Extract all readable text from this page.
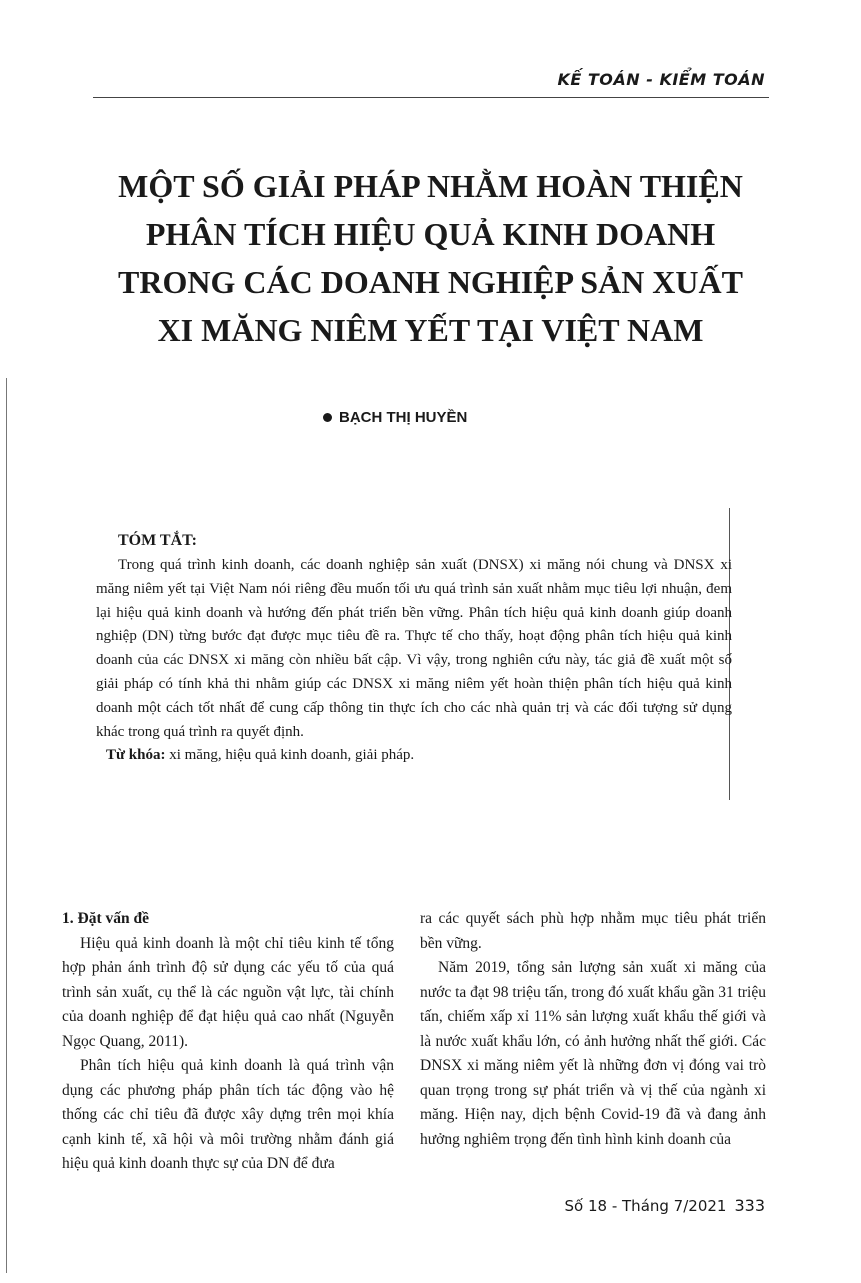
KẾ TOÁN - KIỂM TOÁN
MỘT SỐ GIẢI PHÁP NHẰM HOÀN THIỆN
PHÂN TÍCH HIỆU QUẢ KINH DOANH
TRONG CÁC DOANH NGHIỆP SẢN XUẤT
XI MĂNG NIÊM YẾT TẠI VIỆT NAM
BẠCH THỊ HUYỀN
TÓM TẮT:

Trong quá trình kinh doanh, các doanh nghiệp sản xuất (DNSX) xi măng nói chung và DNSX xi măng niêm yết tại Việt Nam nói riêng đều muốn tối ưu quá trình sản xuất nhằm mục tiêu lợi nhuận, đem lại hiệu quả kinh doanh và hướng đến phát triển bền vững. Phân tích hiệu quả kinh doanh giúp doanh nghiệp (DN) từng bước đạt được mục tiêu đề ra. Thực tế cho thấy, hoạt động phân tích hiệu quả kinh doanh của các DNSX xi măng còn nhiều bất cập. Vì vậy, trong nghiên cứu này, tác giả đề xuất một số giải pháp có tính khả thi nhằm giúp các DNSX xi măng niêm yết hoàn thiện phân tích hiệu quả kinh doanh một cách tốt nhất để cung cấp thông tin thực ích cho các nhà quản trị và các đối tượng sử dụng khác trong quá trình ra quyết định.

Từ khóa: xi măng, hiệu quả kinh doanh, giải pháp.

1. Đặt vấn đề

Hiệu quả kinh doanh là một chỉ tiêu kinh tế tổng hợp phản ánh trình độ sử dụng các yếu tố của quá trình sản xuất, cụ thể là các nguồn vật lực, tài chính của doanh nghiệp để đạt hiệu quả cao nhất (Nguyễn Ngọc Quang, 2011).

Phân tích hiệu quả kinh doanh là quá trình vận dụng các phương pháp phân tích tác động vào hệ thống các chỉ tiêu đã được xây dựng trên mọi khía cạnh kinh tế, xã hội và môi trường nhằm đánh giá hiệu quả kinh doanh thực sự của DN để đưa

ra các quyết sách phù hợp nhằm mục tiêu phát triển bền vững.

Năm 2019, tổng sản lượng sản xuất xi măng của nước ta đạt 98 triệu tấn, trong đó xuất khẩu gần 31 triệu tấn, chiếm xấp xỉ 11% sản lượng xuất khẩu thế giới và là nước xuất khẩu lớn, có ảnh hưởng nhất thế giới. Các DNSX xi măng niêm yết là những đơn vị đóng vai trò quan trọng trong sự phát triển và vị thế của ngành xi măng. Hiện nay, dịch bệnh Covid-19 đã và đang ảnh hưởng nghiêm trọng đến tình hình kinh doanh của

Số 18 - Tháng 7/2021 333
